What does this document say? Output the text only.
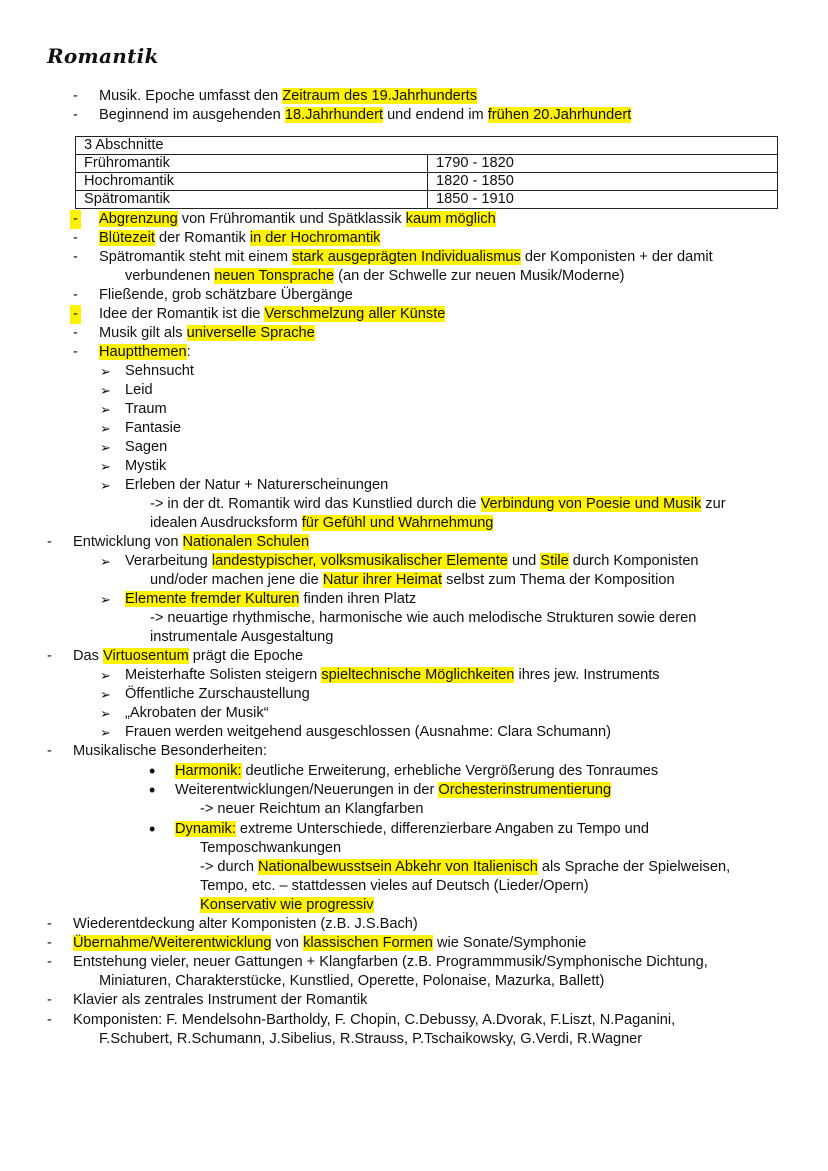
Romantik
- Musik. Epoche umfasst den Zeitraum des 19.Jahrhunderts
- Beginnend im ausgehenden 18.Jahrhundert und endend im frühen 20.Jahrhundert
3 Abschnitte	
Frühromantik	1790 - 1820
Hochromantik	1820 - 1850
Spätromantik	1850 - 1910
- Abgrenzung von Frühromantik und Spätklassik kaum möglich
- Blütezeit der Romantik in der Hochromantik
- Spätromantik steht mit einem stark ausgeprägten Individualismus der Komponisten + der damit
verbundenen neuen Tonsprache (an der Schwelle zur neuen Musik/Moderne)
- Fließende, grob schätzbare Übergänge
- Idee der Romantik ist die Verschmelzung aller Künste
- Musik gilt als universelle Sprache
- Hauptthemen:
➢ Sehnsucht
➢ Leid
➢ Traum
➢ Fantasie
➢ Sagen
➢ Mystik
➢ Erleben der Natur + Naturerscheinungen
-> in der dt. Romantik wird das Kunstlied durch die Verbindung von Poesie und Musik zur
idealen Ausdrucksform für Gefühl und Wahrnehmung
- Entwicklung von Nationalen Schulen
➢ Verarbeitung landestypischer, volksmusikalischer Elemente und Stile durch Komponisten
und/oder machen jene die Natur ihrer Heimat selbst zum Thema der Komposition
➢ Elemente fremder Kulturen finden ihren Platz
-> neuartige rhythmische, harmonische wie auch melodische Strukturen sowie deren
instrumentale Ausgestaltung
- Das Virtuosentum prägt die Epoche
➢ Meisterhafte Solisten steigern spieltechnische Möglichkeiten ihres jew. Instruments
➢ Öffentliche Zurschaustellung
➢ „Akrobaten der Musik“
➢ Frauen werden weitgehend ausgeschlossen (Ausnahme: Clara Schumann)
- Musikalische Besonderheiten:
• Harmonik: deutliche Erweiterung, erhebliche Vergrößerung des Tonraumes
• Weiterentwicklungen/Neuerungen in der Orchesterinstrumentierung
-> neuer Reichtum an Klangfarben
• Dynamik: extreme Unterschiede, differenzierbare Angaben zu Tempo und
Temposchwankungen
-> durch Nationalbewusstsein Abkehr von Italienisch als Sprache der Spielweisen,
Tempo, etc. – stattdessen vieles auf Deutsch (Lieder/Opern)
Konservativ wie progressiv
- Wiederentdeckung alter Komponisten (z.B. J.S.Bach)
- Übernahme/Weiterentwicklung von klassischen Formen wie Sonate/Symphonie
- Entstehung vieler, neuer Gattungen + Klangfarben (z.B. Programmmusik/Symphonische Dichtung,
Miniaturen, Charakterstücke, Kunstlied, Operette, Polonaise, Mazurka, Ballett)
- Klavier als zentrales Instrument der Romantik
- Komponisten: F. Mendelsohn-Bartholdy, F. Chopin, C.Debussy, A.Dvorak, F.Liszt, N.Paganini,
F.Schubert, R.Schumann, J.Sibelius, R.Strauss, P.Tschaikowsky, G.Verdi, R.Wagner
